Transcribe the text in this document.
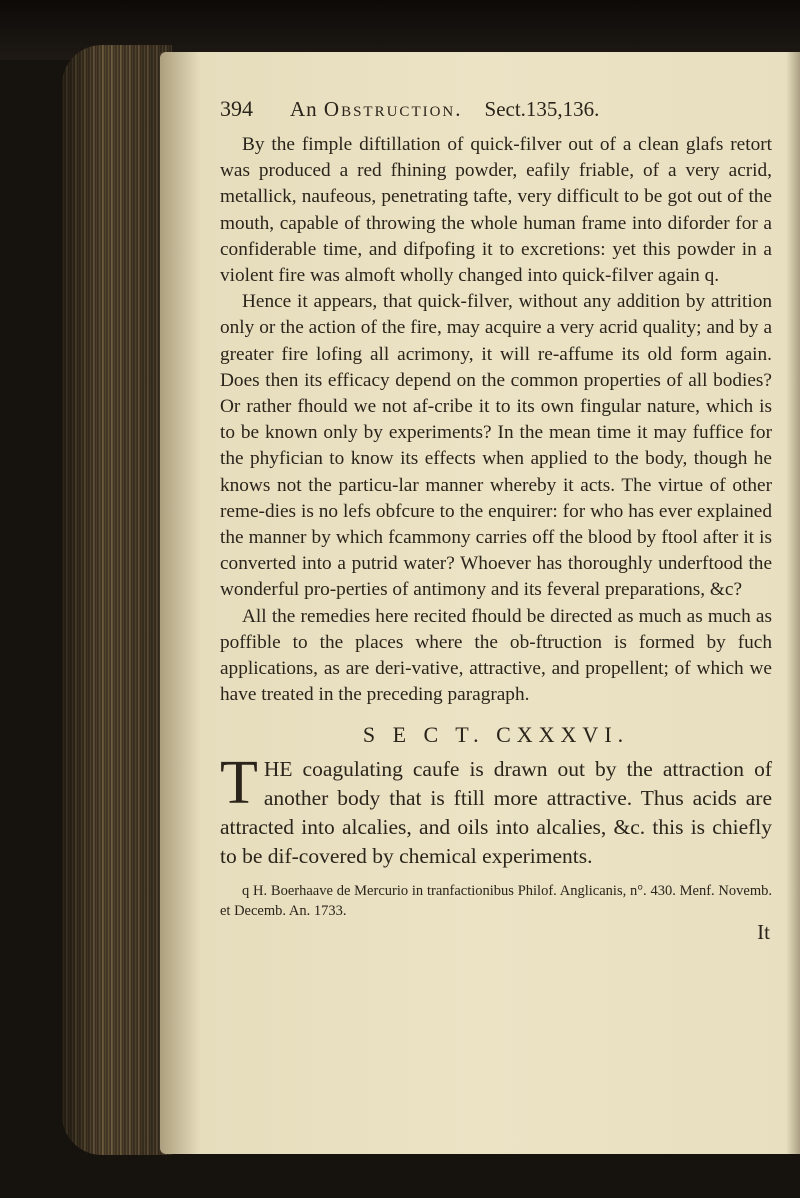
394	An Obstruction. Sect.135,136.

By the fimple diftillation of quick-filver out of a clean glafs retort was produced a red fhining powder, eafily friable, of a very acrid, metallick, naufeous, penetrating tafte, very difficult to be got out of the mouth, capable of throwing the whole human frame into diforder for a confiderable time, and difpofing it to excretions: yet this powder in a violent fire was almoft wholly changed into quick-filver again q.

Hence it appears, that quick-filver, without any addition by attrition only or the action of the fire, may acquire a very acrid quality; and by a greater fire lofing all acrimony, it will re-affume its old form again. Does then its efficacy depend on the common properties of all bodies? Or rather fhould we not af-cribe it to its own fingular nature, which is to be known only by experiments? In the mean time it may fuffice for the phyfician to know its effects when applied to the body, though he knows not the particu-lar manner whereby it acts. The virtue of other reme-dies is no lefs obfcure to the enquirer: for who has ever explained the manner by which fcammony carries off the blood by ftool after it is converted into a putrid water? Whoever has thoroughly underftood the wonderful pro-perties of antimony and its feveral preparations, &c?

All the remedies here recited fhould be directed as much as much as poffible to the places where the ob-ftruction is formed by fuch applications, as are deri-vative, attractive, and propellent; of which we have treated in the preceding paragraph.

S E C T. CXXXVI.

THE coagulating caufe is drawn out by the attraction of another body that is ftill more attractive. Thus acids are attracted into alcalies, and oils into alcalies, &c. this is chiefly to be dif-covered by chemical experiments.

q H. Boerhaave de Mercurio in tranfactionibus Philof. Anglicanis, n°. 430. Menf. Novemb. et Decemb. An. 1733.

It
